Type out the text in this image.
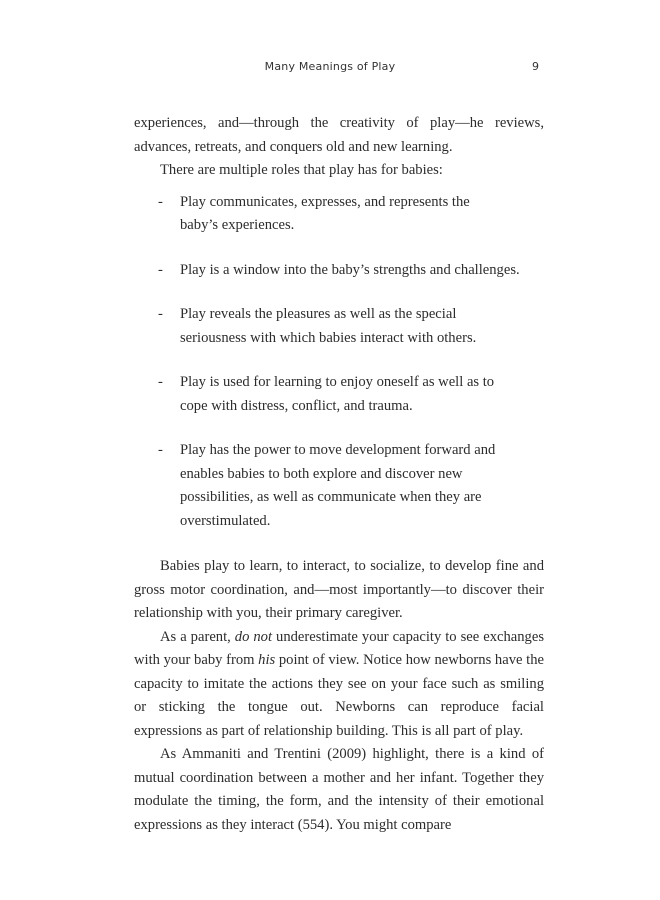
Many Meanings of Play	9

experiences, and—through the creativity of play—he reviews, advances, retreats, and conquers old and new learning.

There are multiple roles that play has for babies:

- Play communicates, expresses, and represents the baby’s experiences.
- Play is a window into the baby’s strengths and challenges.
- Play reveals the pleasures as well as the special seriousness with which babies interact with others.
- Play is used for learning to enjoy oneself as well as to cope with distress, conflict, and trauma.
- Play has the power to move development forward and enables babies to both explore and discover new possibilities, as well as communicate when they are overstimulated.

Babies play to learn, to interact, to socialize, to develop fine and gross motor coordination, and—most importantly—to discover their relationship with you, their primary caregiver.

As a parent, do not underestimate your capacity to see exchanges with your baby from his point of view. Notice how newborns have the capacity to imitate the actions they see on your face such as smiling or sticking the tongue out. Newborns can reproduce facial expressions as part of relationship building. This is all part of play.

As Ammaniti and Trentini (2009) highlight, there is a kind of mutual coordination between a mother and her infant. Together they modulate the timing, the form, and the intensity of their emotional expressions as they interact (554). You might compare
